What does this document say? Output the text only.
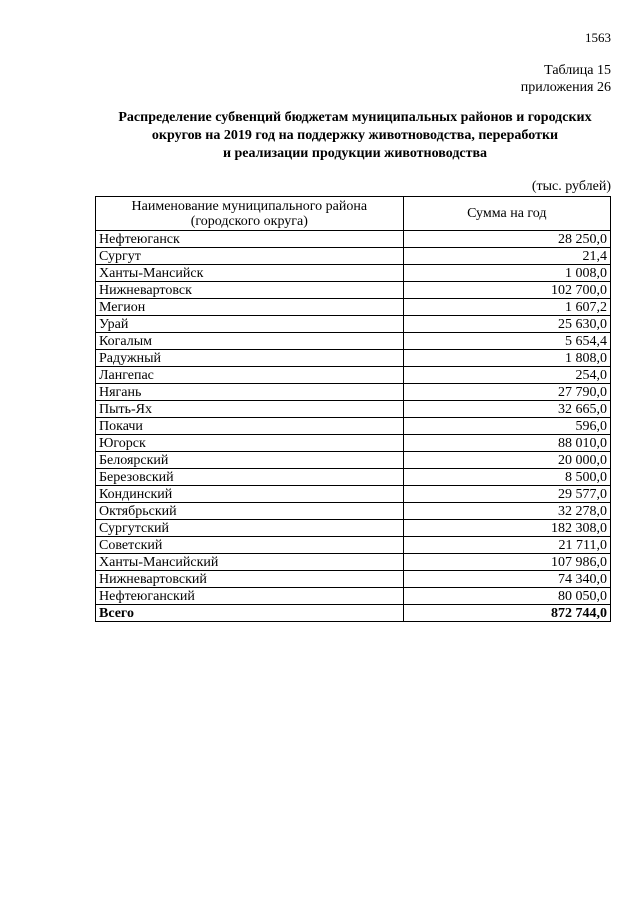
1563
Таблица 15
приложения 26
Распределение субвенций бюджетам муниципальных районов и городских
округов на 2019 год на поддержку животноводства, переработки
и реализации продукции животноводства
(тыс. рублей)
Наименование муниципального района
(городского округа)	Сумма на год
Нефтеюганск	28 250,0
Сургут	21,4
Ханты-Мансийск	1 008,0
Нижневартовск	102 700,0
Мегион	1 607,2
Урай	25 630,0
Когалым	5 654,4
Радужный	1 808,0
Лангепас	254,0
Нягань	27 790,0
Пыть-Ях	32 665,0
Покачи	596,0
Югорск	88 010,0
Белоярский	20 000,0
Березовский	8 500,0
Кондинский	29 577,0
Октябрьский	32 278,0
Сургутский	182 308,0
Советский	21 711,0
Ханты-Мансийский	107 986,0
Нижневартовский	74 340,0
Нефтеюганский	80 050,0
Всего	872 744,0
